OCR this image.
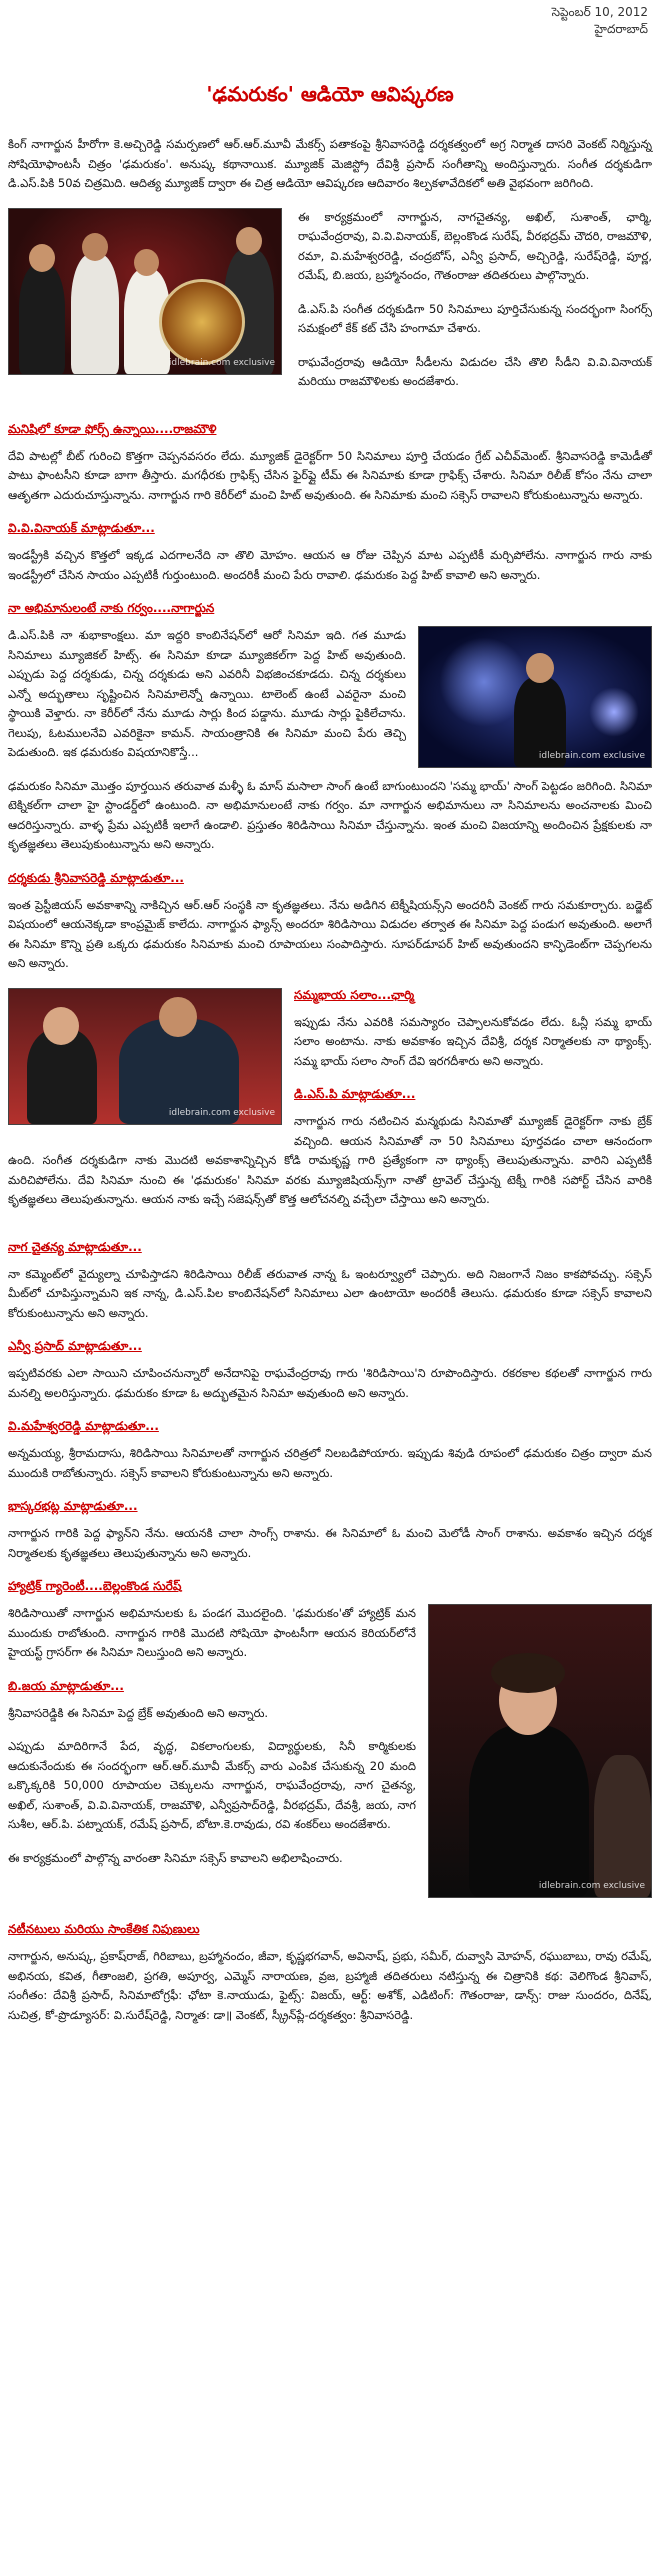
సెప్టెంబర్ 10, 2012
హైదరాబాద్
'ఢమరుకం' ఆడియో ఆవిష్కరణ

కింగ్ నాగార్జున హీరోగా కె.అచ్చిరెడ్డి సమర్పణలో ఆర్.ఆర్.మూవీ మేకర్స్ పతాకంపై శ్రీనివాసరెడ్డి దర్శకత్వంలో అగ్ర నిర్మాత దాసరి వెంకట్ నిర్మిస్తున్న సోషియోఫాంటసీ చిత్రం 'ఢమరుకం'. అనుష్క కథానాయిక. మ్యూజిక్ మెజిస్ట్రో దేవిశ్రీ ప్రసాద్ సంగీతాన్ని అందిస్తున్నారు. సంగీత దర్శకుడిగా డి.ఎస్.పికి 50వ చిత్రమిది. ఆదిత్య మ్యూజిక్ ద్వారా ఈ చిత్ర ఆడియో ఆవిష్కరణ ఆదివారం శిల్పకళావేదికలో అతి వైభవంగా జరిగింది.

idlebrain.com exclusive

ఈ కార్యక్రమంలో నాగార్జున, నాగచైతన్య, అఖిల్, సుశాంత్, ఛార్మి, రాఘవేంద్రరావు, వి.వి.వినాయక్, బెల్లంకొండ సురేష్, వీరభద్రమ్ చౌదరి, రాజమౌళి, రమా, వి.మహేశ్వరరెడ్డి, చంద్రబోస్, ఎన్వీ ప్రసాద్, అచ్చిరెడ్డి, సురేష్‌రెడ్డి, పూర్ణ, రమేష్, బి.జయ, బ్రహ్మానందం, గౌతంరాజు తదితరులు పాల్గొన్నారు.

డి.ఎస్.పి సంగీత దర్శకుడిగా 50 సినిమాలు పూర్తిచేసుకున్న సందర్భంగా సింగర్స్ సమక్షంలో కేక్ కట్ చేసి హంగామా చేశారు.

రాఘవేంద్రరావు ఆడియో సీడీలను విడుదల చేసి తొలి సీడీని వి.వి.వినాయక్ మరియు రాజమౌళిలకు అందజేశారు.

మనిషిలో కూడా ఫోర్స్ ఉన్నాయి....రాజమౌళి

దేవి పాటల్లో బీట్ గురించి కొత్తగా చెప్పనవసరం లేదు. మ్యూజిక్ డైరెక్టర్‌గా 50 సినిమాలు పూర్తి చేయడం గ్రేట్ ఎచీవ్‌మెంట్. శ్రీనివాసరెడ్డి కామెడీతో పాటు ఫాంటసీని కూడా బాగా తీస్తారు. మగధీరకు గ్రాఫిక్స్ చేసిన ఫైర్‌ఫ్లై టీమ్ ఈ సినిమాకు కూడా గ్రాఫిక్స్ చేశారు. సినిమా రిలీజ్ కోసం నేను చాలా ఆతృతగా ఎదురుచూస్తున్నాను. నాగార్జున గారి కెరీర్‌లో మంచి హిట్ అవుతుంది. ఈ సినిమాకు మంచి సక్సెస్ రావాలని కోరుకుంటున్నాను అన్నారు.

వి.వి.వినాయక్ మాట్లాడుతూ...

ఇండస్ట్రీకి వచ్చిన కొత్తలో ఇక్కడ ఎదగాలనేది నా తొలి మోహం. ఆయన ఆ రోజు చెప్పిన మాట ఎప్పటికీ మర్చిపోలేను. నాగార్జున గారు నాకు ఇండస్ట్రీలో చేసిన సాయం ఎప్పటికీ గుర్తుంటుంది. అందరికీ మంచి పేరు రావాలి. ఢమరుకం పెద్ద హిట్ కావాలి అని అన్నారు.

నా అభిమానులంటే నాకు గర్వం....నాగార్జున
idlebrain.com exclusive

డి.ఎస్.పికి నా శుభాకాంక్షలు. మా ఇద్దరి కాంబినేషన్‌లో ఆరో సినిమా ఇది. గత మూడు సినిమాలు మ్యూజికల్ హిట్స్. ఈ సినిమా కూడా మ్యూజికల్‌గా పెద్ద హిట్ అవుతుంది. ఎప్పుడు పెద్ద దర్శకుడు, చిన్న దర్శకుడు అని ఎవరినీ విభజించకూడదు. చిన్న దర్శకులు ఎన్నో అద్భుతాలు సృష్టించిన సినిమాలెన్నో ఉన్నాయి. టాలెంట్ ఉంటే ఎవరైనా మంచి స్థాయికి వెళ్తారు. నా కెరీర్‌లో నేను మూడు సార్లు కింద పడ్డాను. మూడు సార్లు పైకిలేచాను. గెలుపు, ఓటములనేవి ఎవరికైనా కామన్. సాయంత్రానికి ఈ సినిమా మంచి పేరు తెచ్చి పెడుతుంది. ఇక ఢమరుకం విషయానికొస్తే...

ఢమరుకం సినిమా మొత్తం పూర్తయిన తరువాత మళ్ళీ ఓ మాస్ మసాలా సాంగ్ ఉంటే బాగుంటుందని 'సమ్మ భాయ్' సాంగ్ పెట్టడం జరిగింది. సినిమా టెక్నికల్‌గా చాలా హై స్టాండర్డ్‌లో ఉంటుంది. నా అభిమానులంటే నాకు గర్వం. మా నాగార్జున అభిమానులు నా సినిమాలను అంచనాలకు మించి ఆదరిస్తున్నారు. వాళ్ళ ప్రేమ ఎప్పటికీ ఇలాగే ఉండాలి. ప్రస్తుతం శిరిడిసాయి సినిమా చేస్తున్నాను. ఇంత మంచి విజయాన్ని అందించిన ప్రేక్షకులకు నా కృతజ్ఞతలు తెలుపుకుంటున్నాను అని అన్నారు.

దర్శకుడు శ్రీనివాసరెడ్డి మాట్లాడుతూ...

ఇంత ప్రెస్టీజియస్ అవకాశాన్ని నాకిచ్చిన ఆర్.ఆర్ సంస్థకి నా కృతజ్ఞతలు. నేను అడిగిన టెక్నీషియన్స్‌ని అందరినీ వెంకట్ గారు సమకూర్చారు. బడ్జెట్ విషయంలో ఆయనెక్కడా కాంప్రమైజ్ కాలేదు. నాగార్జున ఫ్యాన్స్ అందరూ శిరిడిసాయి విడుదల తర్వాత ఈ సినిమా పెద్ద పండుగ అవుతుంది. అలాగే ఈ సినిమా కొన్ని ప్రతి ఒక్కరు ఢమరుకం సినిమాకు మంచి రూపాయలు సంపాదిస్తారు. సూపర్‌డూపర్ హిట్ అవుతుందని కాన్ఫిడెంట్‌గా చెప్పగలను అని అన్నారు.

idlebrain.com exclusive
సమ్మభాయ సలాం...ఛార్మి

ఇప్పుడు నేను ఎవరికి సమస్యారం చెప్పాలనుకోవడం లేదు. ఓన్లీ సమ్మ భాయ్ సలాం అంటాను. నాకు అవకాశం ఇచ్చిన దేవిశ్రీ, దర్శక నిర్మాతలకు నా థ్యాంక్స్. సమ్మ భాయ్ సలాం సాంగ్ దేవి ఇరగదీశారు అని అన్నారు.

డి.ఎస్.పి మాట్లాడుతూ...

నాగార్జున గారు నటించిన మన్మథుడు సినిమాతో మ్యూజిక్ డైరెక్టర్‌గా నాకు బ్రేక్ వచ్చింది. ఆయన సినిమాతో నా 50 సినిమాలు పూర్తవడం చాలా ఆనందంగా ఉంది. సంగీత దర్శకుడిగా నాకు మొదటి అవకాశాన్నిచ్చిన కోడి రామకృష్ణ గారి ప్రత్యేకంగా నా థ్యాంక్స్ తెలుపుతున్నాను. వారిని ఎప్పటికీ మరిచిపోలేను. దేవి సినిమా నుంచి ఈ 'ఢమరుకం' సినిమా వరకు మ్యూజిషియన్స్‌గా నాతో ట్రావెల్ చేస్తున్న టెక్నీ గారికి సపోర్ట్ చేసిన వారికి కృతజ్ఞతలు తెలుపుతున్నాను. ఆయన నాకు ఇచ్చే సజెషన్స్‌తో కొత్త ఆలోచనల్ని వచ్చేలా చేస్తాయి అని అన్నారు.

నాగ చైతన్య మాట్లాడుతూ...

నా కమ్మెంట్‌లో వైద్యుల్నా చూపిస్తాడని శిరిడిసాయి రిలీజ్ తరువాత నాన్న ఓ ఇంటర్వ్యూలో చెప్పారు. అది నిజంగానే నిజం కాకపోవచ్చు. సక్సెస్ మీట్‌లో చూపిస్తున్నామని ఇక నాన్న, డి.ఎస్.పిల కాంబినేషన్‌లో సినిమాలు ఎలా ఉంటాయో అందరికీ తెలుసు. ఢమరుకం కూడా సక్సెస్ కావాలని కోరుకుంటున్నాను అని అన్నారు.

ఎన్వీ ప్రసాద్ మాట్లాడుతూ...

ఇప్పటివరకు ఎలా సాయిని చూపించనున్నారో అనేదానిపై రాఘవేంద్రరావు గారు 'శిరిడిసాయి'ని రూపొందిస్తారు. రకరకాల కథలతో నాగార్జున గారు మనల్ని అలరిస్తున్నారు. ఢమరుకం కూడా ఓ అద్భుతమైన సినిమా అవుతుంది అని అన్నారు.

వి.మహేశ్వరరెడ్డి మాట్లాడుతూ...

అన్నమయ్య, శ్రీరామదాసు, శిరిడిసాయి సినిమాలతో నాగార్జున చరిత్రలో నిలబడిపోయారు. ఇప్పుడు శివుడి రూపంలో ఢమరుకం చిత్రం ద్వారా మన ముందుకి రాబోతున్నారు. సక్సెస్ కావాలని కోరుకుంటున్నాను అని అన్నారు.

భాస్కరభట్ల మాట్లాడుతూ...

నాగార్జున గారికి పెద్ద ఫ్యాన్‌ని నేను. ఆయనకి చాలా సాంగ్స్ రాశాను. ఈ సినిమాలో ఓ మంచి మెలోడీ సాంగ్ రాశాను. అవకాశం ఇచ్చిన దర్శక నిర్మాతలకు కృతజ్ఞతలు తెలుపుతున్నాను అని అన్నారు.

హ్యాట్రిక్ గ్యారెంటీ....బెల్లంకొండ సురేష్
idlebrain.com exclusive

శిరిడిసాయితో నాగార్జున అభిమానులకు ఓ పండగ మొదలైంది. 'ఢమరుకం'తో హ్యాట్రిక్ మన ముందుకు రాబోతుంది. నాగార్జున గారికి మొదటి సోషియో ఫాంటసీగా ఆయన కెరియర్‌లోనే హైయస్ట్ గ్రాసర్‌గా ఈ సినిమా నిలుస్తుంది అని అన్నారు.

బి.జయ మాట్లాడుతూ...

శ్రీనివాసరెడ్డికి ఈ సినిమా పెద్ద బ్రేక్ అవుతుంది అని అన్నారు.

ఎప్పుడు మాదిరిగానే పేద, వృద్ధ, వికలాంగులకు, విద్యార్థులకు, సినీ కార్మికులకు ఆదుకునేందుకు ఈ సందర్భంగా ఆర్.ఆర్.మూవీ మేకర్స్ వారు ఎంపిక చేసుకున్న 20 మంది ఒక్కొక్కరికి 50,000 రూపాయల చెక్కులను నాగార్జున, రాఘవేంద్రరావు, నాగ చైతన్య, అఖిల్, సుశాంత్, వి.వి.వినాయక్, రాజమౌళి, ఎన్వీప్రసాద్‌రెడ్డి, వీరభద్రమ్, దేవశ్రీ, జయ, నాగ సుశీల, ఆర్.పి. పట్నాయక్, రమేష్ ప్రసాద్, బోటా.కె.రావుడు, రవి శంకర్‌లు అందజేశారు.

ఈ కార్యక్రమంలో పాల్గొన్న వారంతా సినిమా సక్సెస్ కావాలని అభిలాషించారు.

నటీనటులు మరియు సాంకేతిక నిపుణులు

నాగార్జున, అనుష్క, ప్రకాష్‌రాజ్, గిరిబాబు, బ్రహ్మానందం, జీవా, కృష్ణభగవాన్, అవినాష్, ప్రభు, సమీర్, దువ్వాసి మోహన్, రఘుబాబు, రావు రమేష్, అభినయ, కవిత, గీతాంజలి, ప్రగతి, అపూర్వ, ఎమ్మెస్ నారాయణ, వ్రజ, బ్రహ్మాజీ తదితరులు నటిస్తున్న ఈ చిత్రానికి కథ: వెలిగొండ శ్రీనివాస్, సంగీతం: దేవిశ్రీ ప్రసాద్, సినిమాటోగ్రఫీ: ఛోటా కె.నాయుడు, ఫైట్స్: విజయ్, ఆర్ట్: అశోక్, ఎడిటింగ్: గౌతంరాజు, డాన్స్: రాజు సుందరం, దినేష్, సుచిత్ర, కో-ప్రొడ్యూసర్: వి.సురేష్‌రెడ్డి, నిర్మాత: డా॥ వెంకట్, స్క్రీన్‌ప్లే-దర్శకత్వం: శ్రీనివాసరెడ్డి.
